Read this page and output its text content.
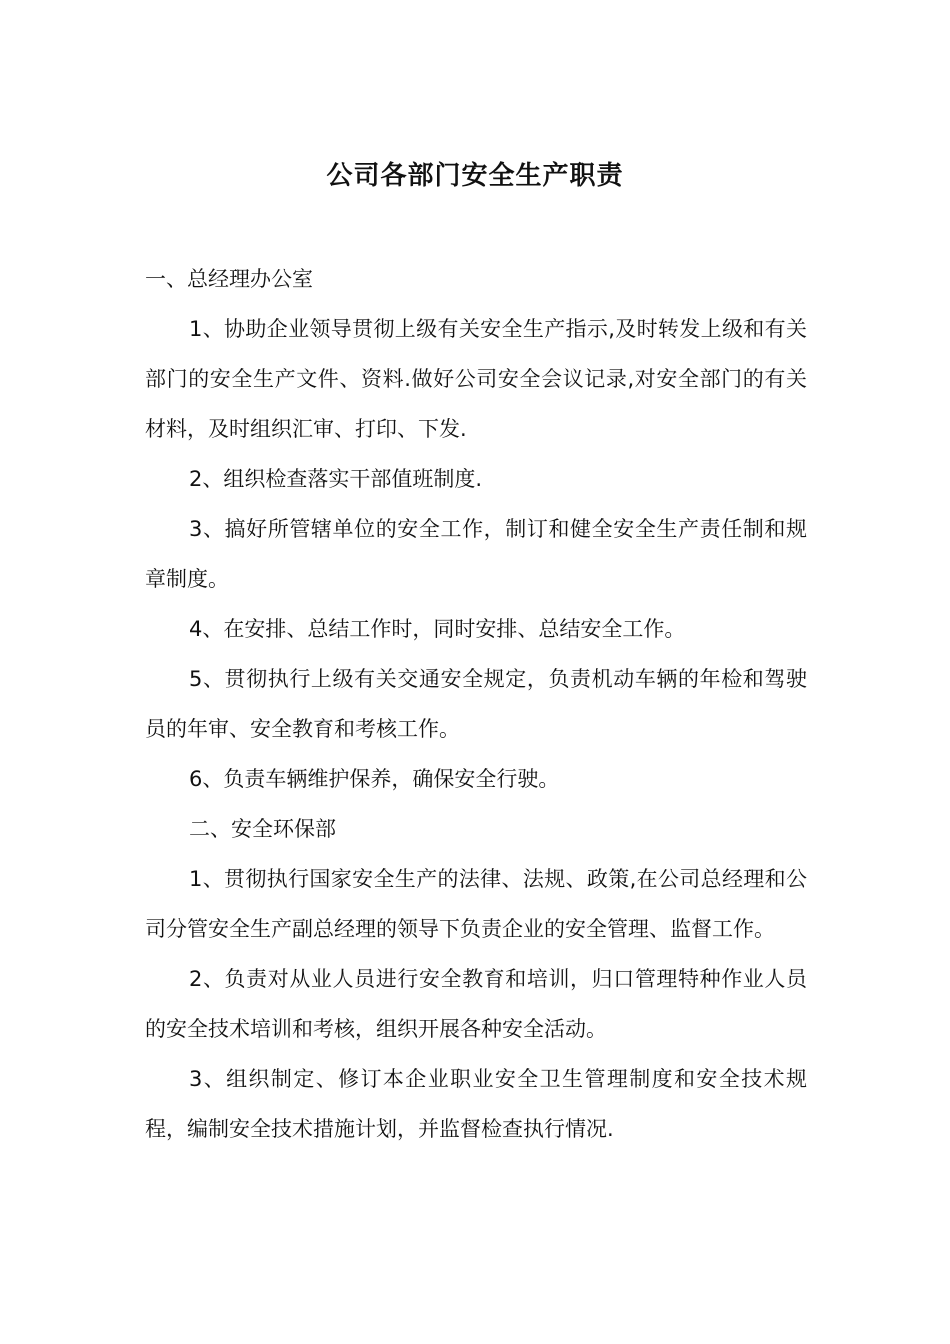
公司各部门安全生产职责

一、总经理办公室

1、协助企业领导贯彻上级有关安全生产指示,及时转发上级和有关部门的安全生产文件、资料.做好公司安全会议记录,对安全部门的有关材料，及时组织汇审、打印、下发.

2、组织检查落实干部值班制度.

3、搞好所管辖单位的安全工作，制订和健全安全生产责任制和规章制度。

4、在安排、总结工作时，同时安排、总结安全工作。

5、贯彻执行上级有关交通安全规定，负责机动车辆的年检和驾驶员的年审、安全教育和考核工作。

6、负责车辆维护保养，确保安全行驶。

二、安全环保部

1、贯彻执行国家安全生产的法律、法规、政策,在公司总经理和公司分管安全生产副总经理的领导下负责企业的安全管理、监督工作。

2、负责对从业人员进行安全教育和培训，归口管理特种作业人员的安全技术培训和考核，组织开展各种安全活动。

3、组织制定、修订本企业职业安全卫生管理制度和安全技术规程，编制安全技术措施计划，并监督检查执行情况.
